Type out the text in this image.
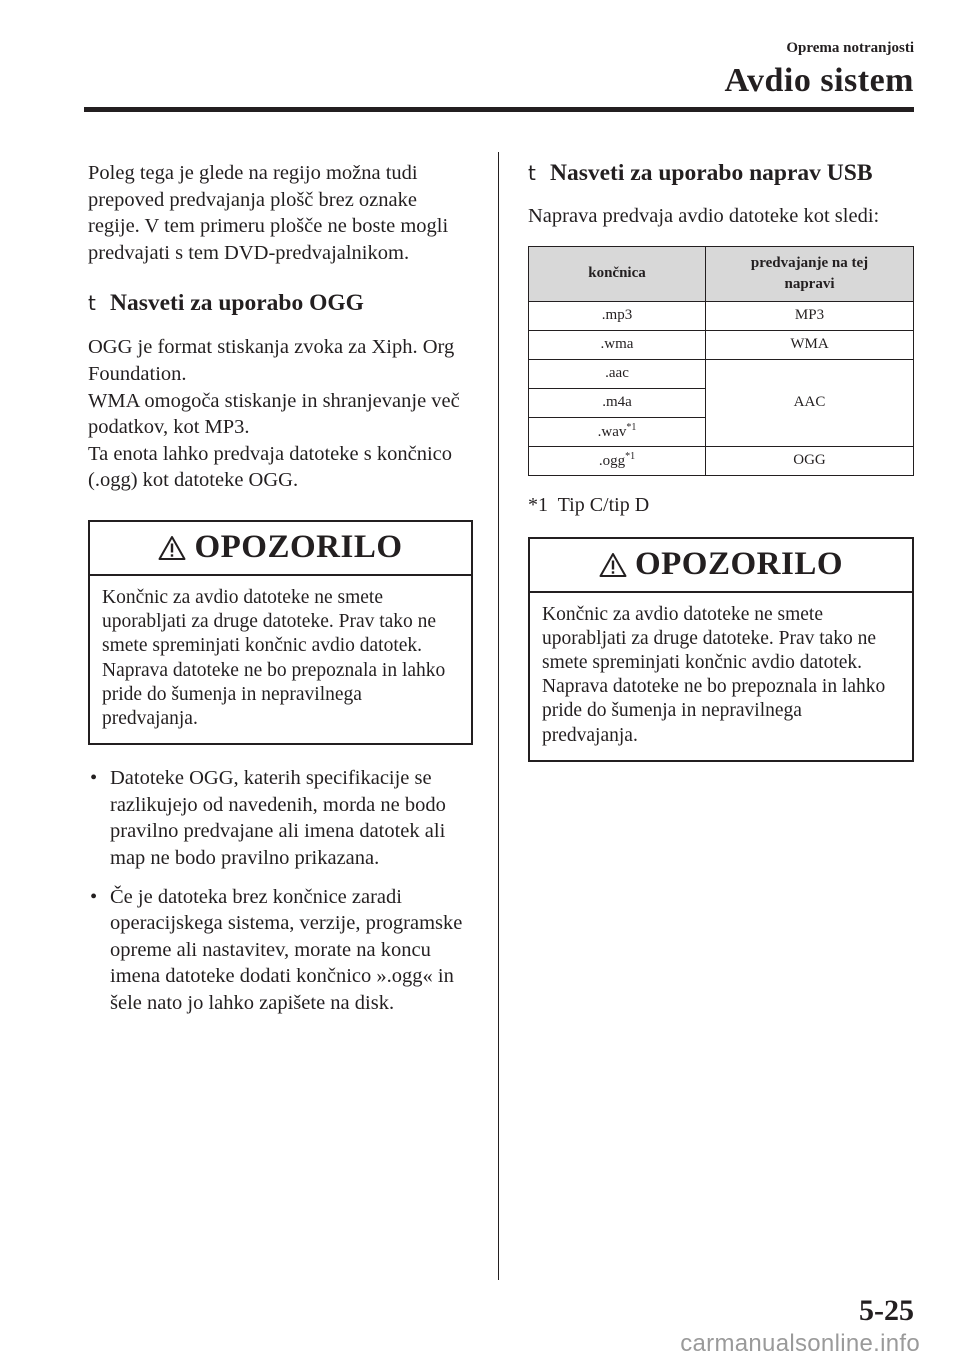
Oprema notranjosti
Avdio sistem

Poleg tega je glede na regijo možna tudi prepoved predvajanja plošč brez oznake regije. V tem primeru plošče ne boste mogli predvajati s tem DVD-predvajalnikom.

t Nasveti za uporabo OGG

OGG je format stiskanja zvoka za Xiph. Org Foundation.
WMA omogoča stiskanje in shranjevanje več podatkov, kot MP3.
Ta enota lahko predvaja datoteke s končnico (.ogg) kot datoteke OGG.

OPOZORILO

Končnic za avdio datoteke ne smete uporabljati za druge datoteke. Prav tako ne smete spreminjati končnic avdio datotek. Naprava datoteke ne bo prepoznala in lahko pride do šumenja in nepravilnega predvajanja.

• Datoteke OGG, katerih specifikacije se razlikujejo od navedenih, morda ne bodo pravilno predvajane ali imena datotek ali map ne bodo pravilno prikazana.
• Če je datoteka brez končnice zaradi operacijskega sistema, verzije, programske opreme ali nastavitev, morate na koncu imena datoteke dodati končnico ».ogg« in šele nato jo lahko zapišete na disk.
t Nasveti za uporabo naprav USB

Naprava predvaja avdio datoteke kot sledi:

končnica	predvajanje na tej
napravi
.mp3	MP3
.wma	WMA
.aac	AAC
.m4a	
.wav$^{*1}$
.ogg$^{*1}$	OGG
*1  Tip C/tip D
OPOZORILO

Končnic za avdio datoteke ne smete uporabljati za druge datoteke. Prav tako ne smete spreminjati končnic avdio datotek. Naprava datoteke ne bo prepoznala in lahko pride do šumenja in nepravilnega predvajanja.

5-25
carmanualsonline.info
